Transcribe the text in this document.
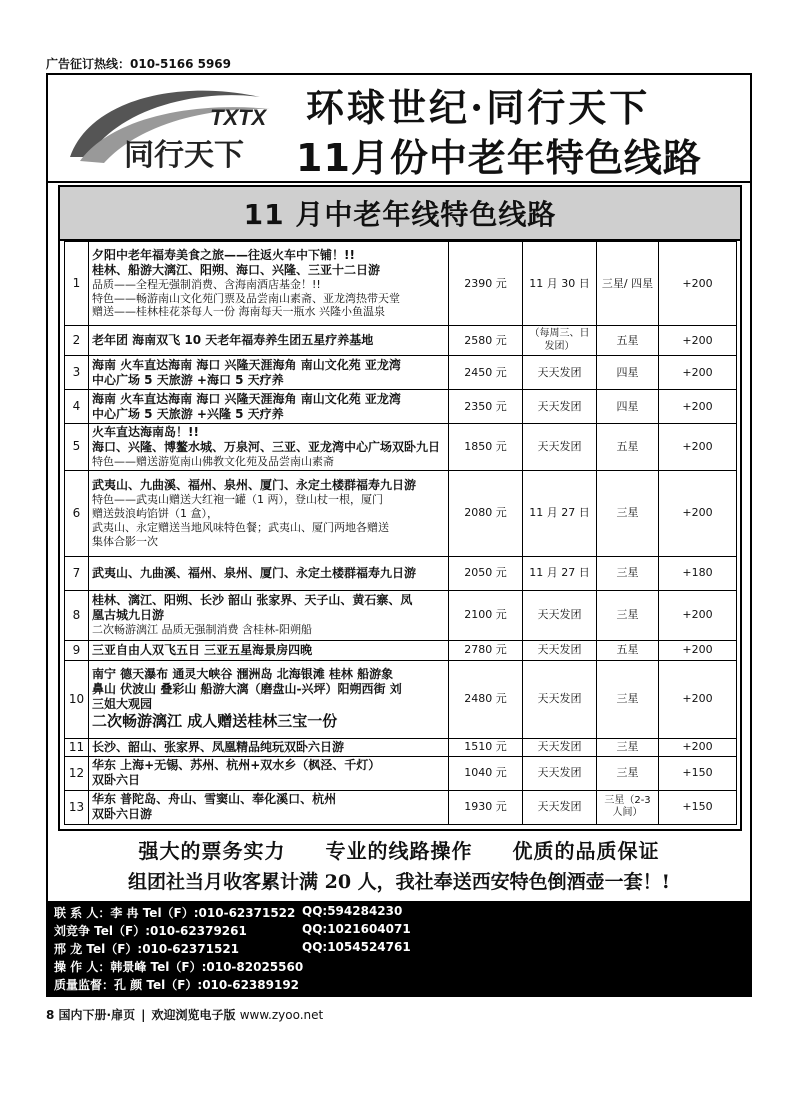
广告征订热线：010-5166 5969
TXTX
同行天下
环球世纪·同行天下
11月份中老年特色线路
11 月中老年线特色线路
1	夕阳中老年福寿美食之旅——往返火车中下铺！!!
桂林、船游大漓江、阳朔、海口、兴隆、三亚十二日游
品质——全程无强制消费、含海南酒店基金！!!
特色——畅游南山文化苑门票及品尝南山素斋、亚龙湾热带天堂
赠送——桂林桂花茶每人一份 海南每天一瓶水 兴隆小鱼温泉	2390 元	11 月 30 日	三星/ 四星	+200
2	老年团 海南双飞 10 天老年福寿养生团五星疗养基地	2580 元	（每周三、日发团）	五星	+200
3	海南 火车直达海南 海口 兴隆天涯海角 南山文化苑 亚龙湾
中心广场 5 天旅游 +海口 5 天疗养	2450 元	天天发团	四星	+200
4	海南 火车直达海南 海口 兴隆天涯海角 南山文化苑 亚龙湾
中心广场 5 天旅游 +兴隆 5 天疗养	2350 元	天天发团	四星	+200
5	火车直达海南岛！!!
海口、兴隆、博鳌水城、万泉河、三亚、亚龙湾中心广场双卧九日
特色——赠送游览南山佛教文化苑及品尝南山素斋	1850 元	天天发团	五星	+200
6	武夷山、九曲溪、福州、泉州、厦门、永定土楼群福寿九日游
特色——武夷山赠送大红袍一罐（1 两），登山杖一根，厦门
赠送鼓浪屿馅饼（1 盒），
武夷山、永定赠送当地风味特色餐；武夷山、厦门两地各赠送
集体合影一次	2080 元	11 月 27 日	三星	+200
7	武夷山、九曲溪、福州、泉州、厦门、永定土楼群福寿九日游	2050 元	11 月 27 日	三星	+180
8	桂林、漓江、阳朔、长沙 韶山 张家界、天子山、黄石寨、凤
凰古城九日游
二次畅游漓江 品质无强制消费 含桂林-阳朔船	2100 元	天天发团	三星	+200
9	三亚自由人双飞五日 三亚五星海景房四晚	2780 元	天天发团	五星	+200
10	南宁 德天瀑布 通灵大峡谷 涠洲岛 北海银滩 桂林 船游象
鼻山 伏波山 叠彩山 船游大漓（磨盘山-兴坪）阳朔西街 刘
三姐大观园
二次畅游漓江 成人赠送桂林三宝一份	2480 元	天天发团	三星	+200
11	长沙、韶山、张家界、凤凰精品纯玩双卧六日游	1510 元	天天发团	三星	+200
12	华东 上海+无锡、苏州、杭州+双水乡（枫泾、千灯）
双卧六日	1040 元	天天发团	三星	+150
13	华东 普陀岛、舟山、雪窦山、奉化溪口、杭州
双卧六日游	1930 元	天天发团	三星（2-3 人间）	+150
强大的票务实力 专业的线路操作 优质的品质保证
组团社当月收客累计满 20 人，我社奉送西安特色倒酒壶一套！!
联 系 人：李 冉 Tel（F）:010-62371522 QQ:594284230
刘竞争 Tel（F）:010-62379261	QQ:1021604071
邢 龙 Tel（F）:010-62371521	QQ:1054524761
操 作 人：韩景峰 Tel（F）:010-82025560
质量监督：孔 颜 Tel（F）:010-62389192
8 国内下册·扉页 | 欢迎浏览电子版 www.zyoo.net
